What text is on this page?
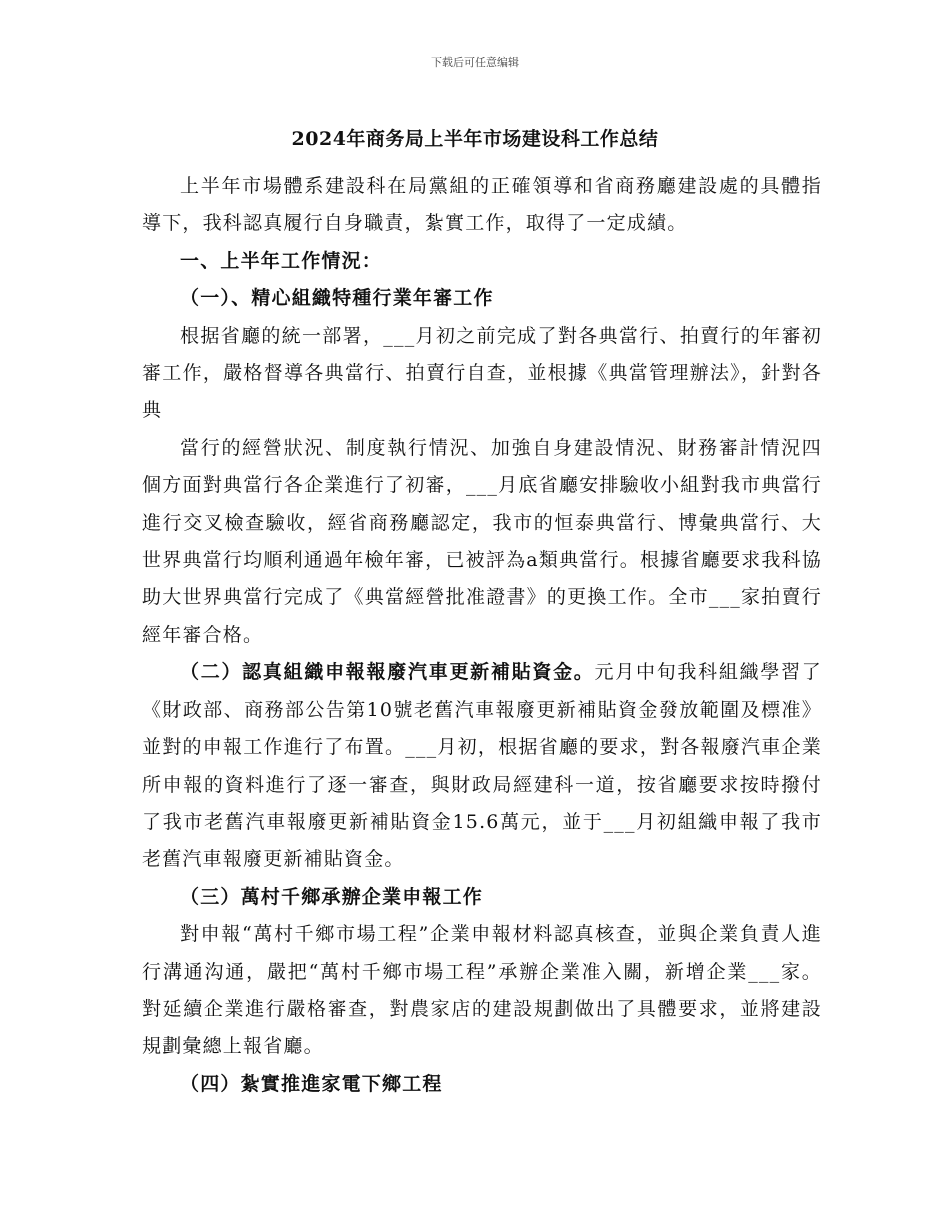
下载后可任意编辑
2024年商务局上半年市场建设科工作总结

上半年市場體系建設科在局黨組的正確領導和省商務廳建設處的具體指導下，我科認真履行自身職責，紮實工作，取得了一定成績。

一、上半年工作情況：

（一）、精心組織特種行業年審工作

根据省廳的統一部署，___月初之前完成了對各典當行、拍賣行的年審初審工作，嚴格督導各典當行、拍賣行自查，並根據《典當管理辦法》，針對各典

當行的經營狀況、制度執行情況、加強自身建設情況、財務審計情況四個方面對典當行各企業進行了初審，___月底省廳安排驗收小組對我市典當行進行交叉檢查驗收，經省商務廳認定，我市的恒泰典當行、博彙典當行、大世界典當行均順利通過年檢年審，已被評為a類典當行。根據省廳要求我科協助大世界典當行完成了《典當經營批准證書》的更換工作。全市___家拍賣行經年審合格。

（二）認真組織申報報廢汽車更新補貼資金。元月中旬我科組織學習了《財政部、商務部公告第10號老舊汽車報廢更新補貼資金發放範圍及標准》並對的申報工作進行了布置。___月初，根据省廳的要求，對各報廢汽車企業所申報的資料進行了逐一審查，與財政局經建科一道，按省廳要求按時撥付了我市老舊汽車報廢更新補貼資金15.6萬元，並于___月初組織申報了我市老舊汽車報廢更新補貼資金。

（三）萬村千鄉承辦企業申報工作

對申報“萬村千鄉市場工程”企業申報材料認真核查，並與企業負責人進行溝通沟通，嚴把“萬村千鄉市場工程”承辦企業准入關，新增企業___家。對延續企業進行嚴格審查，對農家店的建設規劃做出了具體要求，並將建設規劃彙總上報省廳。

（四）紮實推進家電下鄉工程
